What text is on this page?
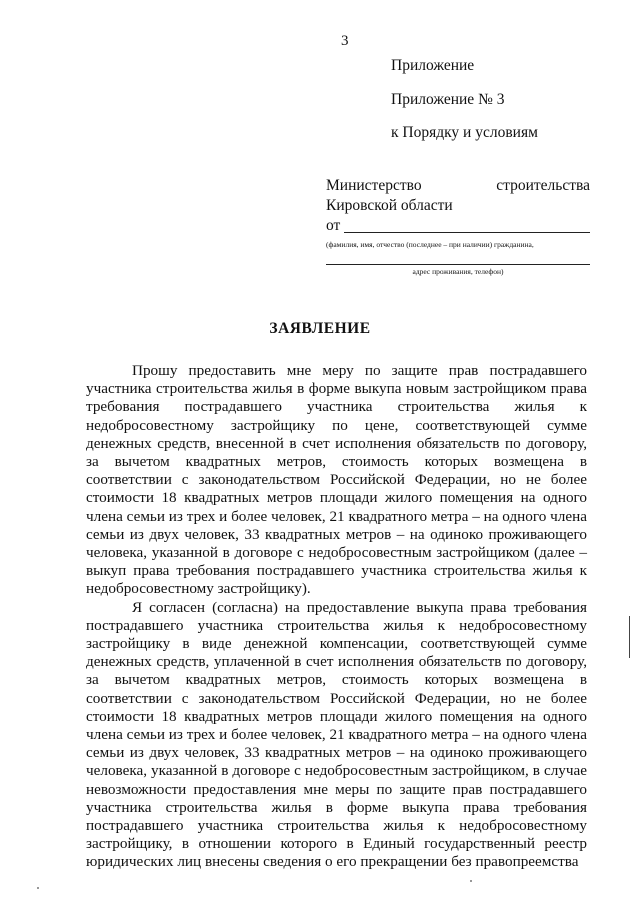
3
Приложение
Приложение № 3
к Порядку и условиям
Министерство строительства Кировской области
от
(фамилия, имя, отчество (последнее – при наличии) гражданина,
адрес проживания, телефон)
ЗАЯВЛЕНИЕ

Прошу предоставить мне меру по защите прав пострадавшего участника строительства жилья в форме выкупа новым застройщиком права требования пострадавшего участника строительства жилья к недобросовестному застройщику по цене, соответствующей сумме денежных средств, внесенной в счет исполнения обязательств по договору, за вычетом квадратных метров, стоимость которых возмещена в соответствии с законодательством Российской Федерации, но не более стоимости 18 квадратных метров площади жилого помещения на одного члена семьи из трех и более человек, 21 квадратного метра – на одного члена семьи из двух человек, 33 квадратных метров – на одиноко проживающего человека, указанной в договоре с недобросовестным застройщиком (далее – выкуп права требования пострадавшего участника строительства жилья к недобросовестному застройщику).

Я согласен (согласна) на предоставление выкупа права требования пострадавшего участника строительства жилья к недобросовестному застройщику в виде денежной компенсации, соответствующей сумме денежных средств, уплаченной в счет исполнения обязательств по договору, за вычетом квадратных метров, стоимость которых возмещена в соответствии с законодательством Российской Федерации, но не более стоимости 18 квадратных метров площади жилого помещения на одного члена семьи из трех и более человек, 21 квадратного метра – на одного члена семьи из двух человек, 33 квадратных метров – на одиноко проживающего человека, указанной в договоре с недобросовестным застройщиком, в случае невозможности предоставления мне меры по защите прав пострадавшего участника строительства жилья в форме выкупа права требования пострадавшего участника строительства жилья к недобросовестному застройщику, в отношении которого в Единый государственный реестр юридических лиц внесены сведения о его прекращении без правопреемства
